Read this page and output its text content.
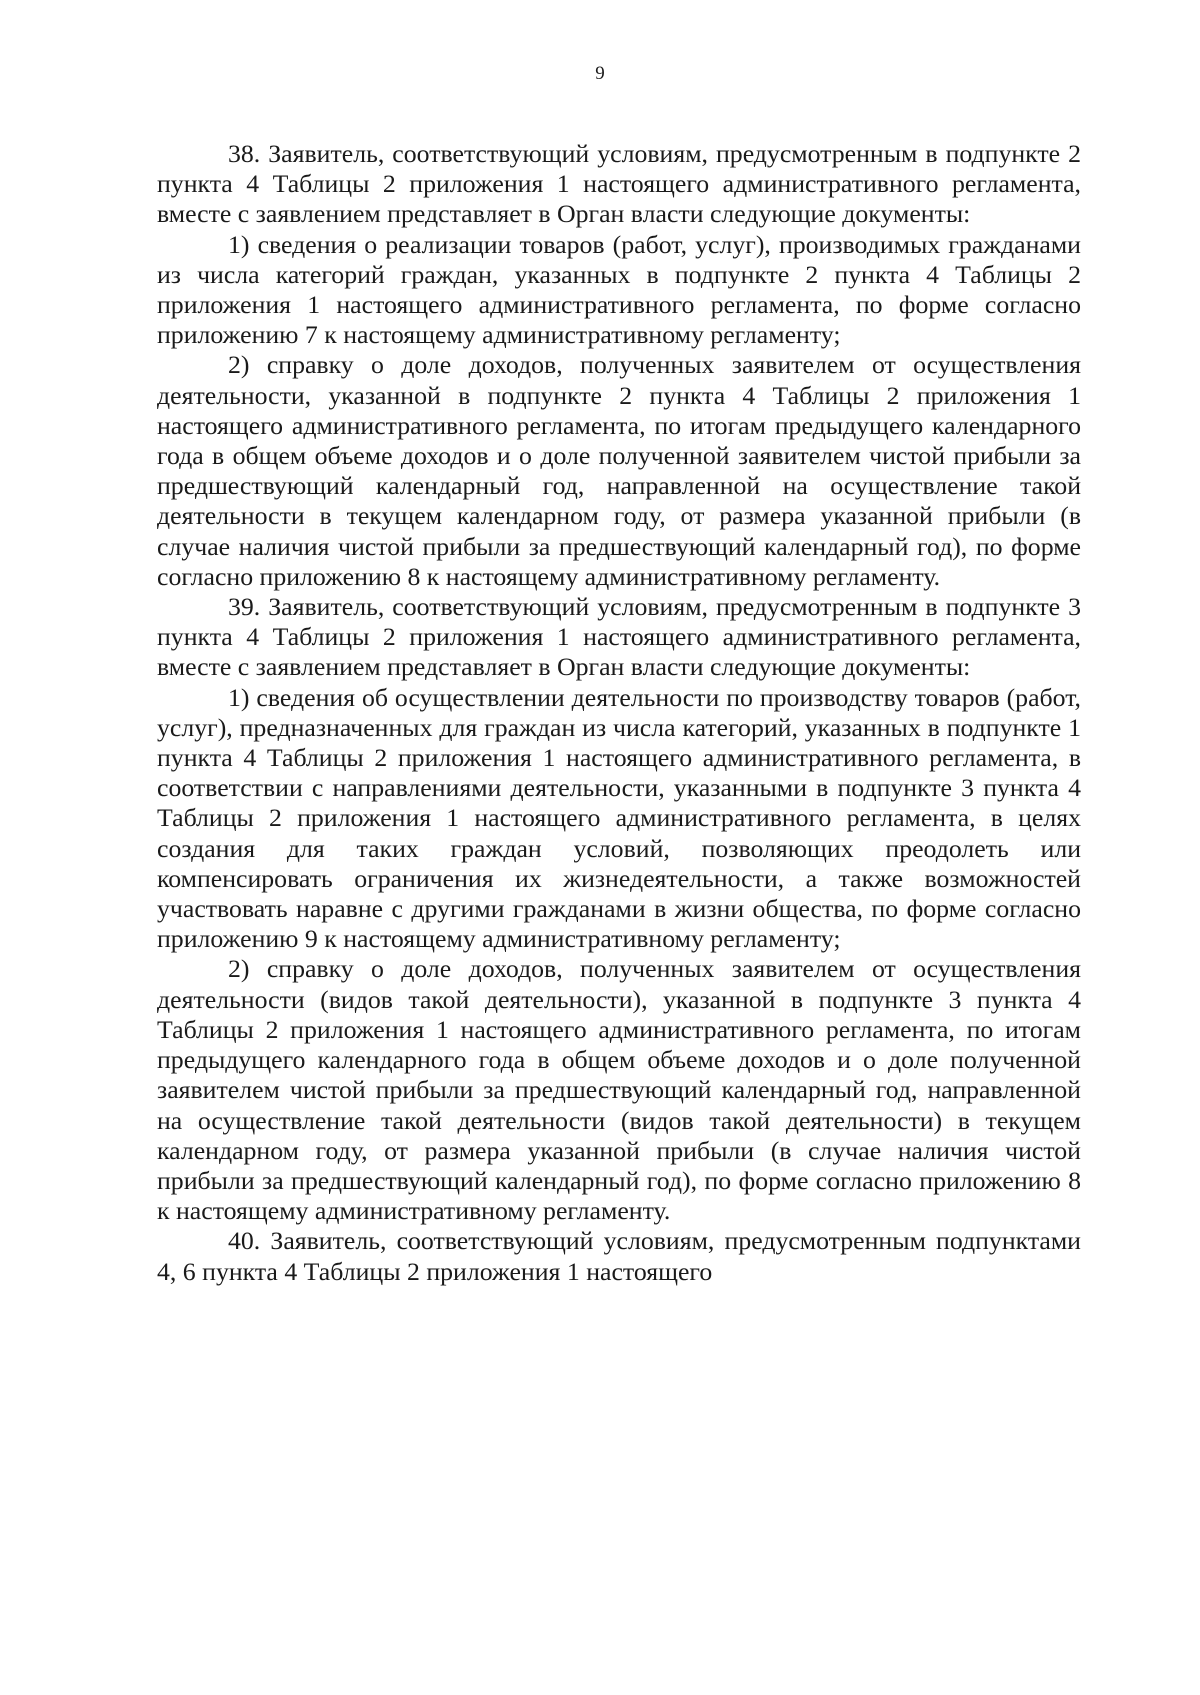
9

38. Заявитель, соответствующий условиям, предусмотренным в подпункте 2 пункта 4 Таблицы 2 приложения 1 настоящего административного регламента, вместе с заявлением представляет в Орган власти следующие документы:

1) сведения о реализации товаров (работ, услуг), производимых гражданами из числа категорий граждан, указанных в подпункте 2 пункта 4 Таблицы 2 приложения 1 настоящего административного регламента, по форме согласно приложению 7 к настоящему административному регламенту;

2) справку о доле доходов, полученных заявителем от осуществления деятельности, указанной в подпункте 2 пункта 4 Таблицы 2 приложения 1 настоящего административного регламента, по итогам предыдущего календарного года в общем объеме доходов и о доле полученной заявителем чистой прибыли за предшествующий календарный год, направленной на осуществление такой деятельности в текущем календарном году, от размера указанной прибыли (в случае наличия чистой прибыли за предшествующий календарный год), по форме согласно приложению 8 к настоящему административному регламенту.

39. Заявитель, соответствующий условиям, предусмотренным в подпункте 3 пункта 4 Таблицы 2 приложения 1 настоящего административного регламента, вместе с заявлением представляет в Орган власти следующие документы:

1) сведения об осуществлении деятельности по производству товаров (работ, услуг), предназначенных для граждан из числа категорий, указанных в подпункте 1 пункта 4 Таблицы 2 приложения 1 настоящего административного регламента, в соответствии с направлениями деятельности, указанными в подпункте 3 пункта 4 Таблицы 2 приложения 1 настоящего административного регламента, в целях создания для таких граждан условий, позволяющих преодолеть или компенсировать ограничения их жизнедеятельности, а также возможностей участвовать наравне с другими гражданами в жизни общества, по форме согласно приложению 9 к настоящему административному регламенту;

2) справку о доле доходов, полученных заявителем от осуществления деятельности (видов такой деятельности), указанной в подпункте 3 пункта 4 Таблицы 2 приложения 1 настоящего административного регламента, по итогам предыдущего календарного года в общем объеме доходов и о доле полученной заявителем чистой прибыли за предшествующий календарный год, направленной на осуществление такой деятельности (видов такой деятельности) в текущем календарном году, от размера указанной прибыли (в случае наличия чистой прибыли за предшествующий календарный год), по форме согласно приложению 8 к настоящему административному регламенту.

40. Заявитель, соответствующий условиям, предусмотренным подпунктами 4, 6 пункта 4 Таблицы 2 приложения 1 настоящего
